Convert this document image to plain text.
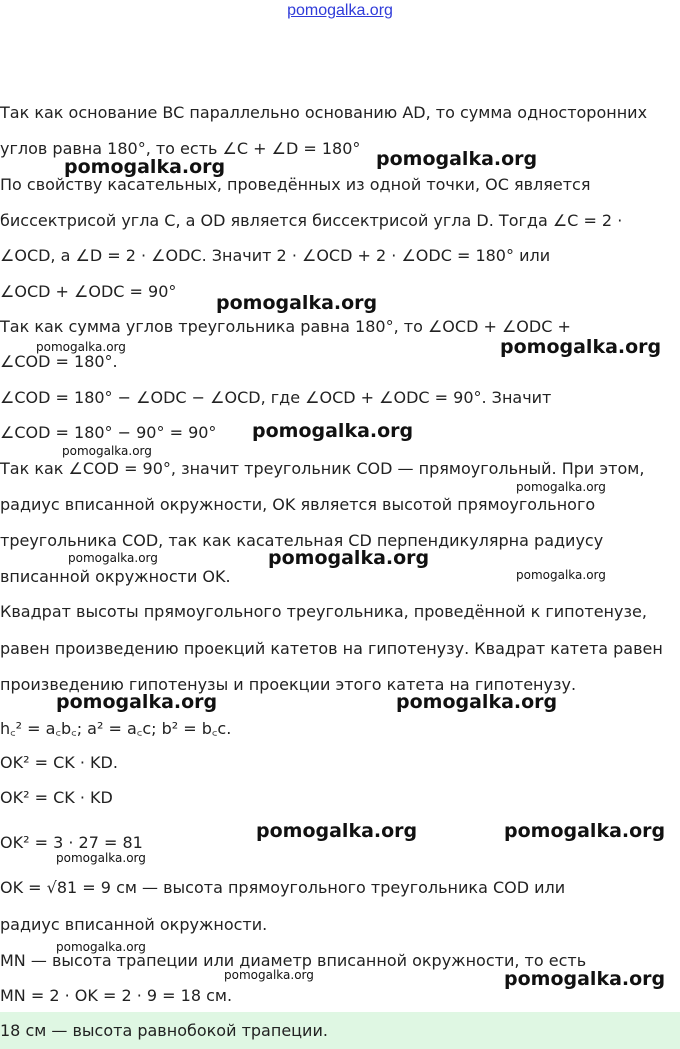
pomogalka.org
Так как основание BC параллельно основанию AD, то сумма односторонних
углов равна 180°, то есть ∠C + ∠D = 180°
По свойству касательных, проведённых из одной точки, OC является
биссектрисой угла C, а OD является биссектрисой угла D. Тогда ∠C = 2 ·
∠OCD, а ∠D = 2 · ∠ODC. Значит 2 · ∠OCD + 2 · ∠ODC = 180° или
∠OCD + ∠ODC = 90°
Так как сумма углов треугольника равна 180°, то ∠OCD + ∠ODC +
∠COD = 180°.
∠COD = 180° − ∠ODC − ∠OCD, где ∠OCD + ∠ODC = 90°. Значит
∠COD = 180° − 90° = 90°
Так как ∠COD = 90°, значит треугольник COD — прямоугольный. При этом,
радиус вписанной окружности, OK является высотой прямоугольного
треугольника COD, так как касательная CD перпендикулярна радиусу
вписанной окружности OK.
Квадрат высоты прямоугольного треугольника, проведённой к гипотенузе,
равен произведению проекций катетов на гипотенузу. Квадрат катета равен
произведению гипотенузы и проекции этого катета на гипотенузу.
h꜀² = a꜀b꜀; a² = a꜀c; b² = b꜀c.
OK² = CK · KD.
OK² = CK · KD
OK² = 3 · 27 = 81
OK = √81 = 9 см — высота прямоугольного треугольника COD или
радиус вписанной окружности.
MN — высота трапеции или диаметр вписанной окружности, то есть
MN = 2 · OK = 2 · 9 = 18 см.
18 см — высота равнобокой трапеции.
pomogalka.org	pomogalka.org
pomogalka.org
pomogalka.org	pomogalka.org
pomogalka.org
pomogalka.org
pomogalka.org
pomogalka.org	pomogalka.org
pomogalka.org
pomogalka.org	pomogalka.org
pomogalka.org	pomogalka.org
pomogalka.org
pomogalka.org
pomogalka.org	pomogalka.org
